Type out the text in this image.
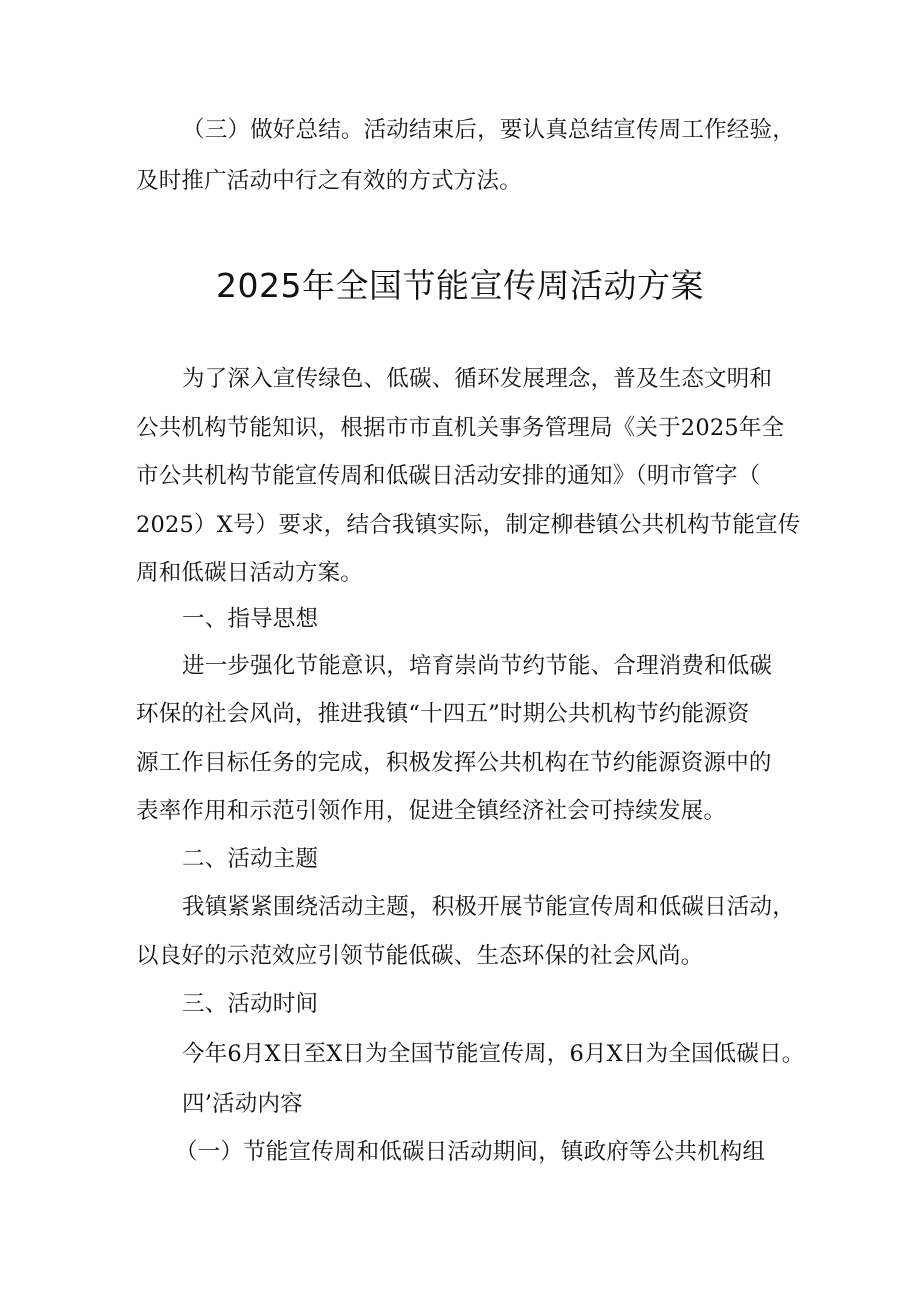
（三）做好总结。活动结束后，要认真总结宣传周工作经验，
及时推广活动中行之有效的方式方法。
2025年全国节能宣传周活动方案
为了深入宣传绿色、低碳、循环发展理念，普及生态文明和
公共机构节能知识，根据市市直机关事务管理局《关于2025年全
市公共机构节能宣传周和低碳日活动安排的通知》（明市管字（
2025）X号）要求，结合我镇实际，制定柳巷镇公共机构节能宣传
周和低碳日活动方案。
一、指导思想
进一步强化节能意识，培育崇尚节约节能、合理消费和低碳
环保的社会风尚，推进我镇“十四五”时期公共机构节约能源资
源工作目标任务的完成，积极发挥公共机构在节约能源资源中的
表率作用和示范引领作用，促进全镇经济社会可持续发展。
二、活动主题
我镇紧紧围绕活动主题，积极开展节能宣传周和低碳日活动，
以良好的示范效应引领节能低碳、生态环保的社会风尚。
三、活动时间
今年6月X日至X日为全国节能宣传周，6月X日为全国低碳日。
四’活动内容
（一）节能宣传周和低碳日活动期间，镇政府等公共机构组
